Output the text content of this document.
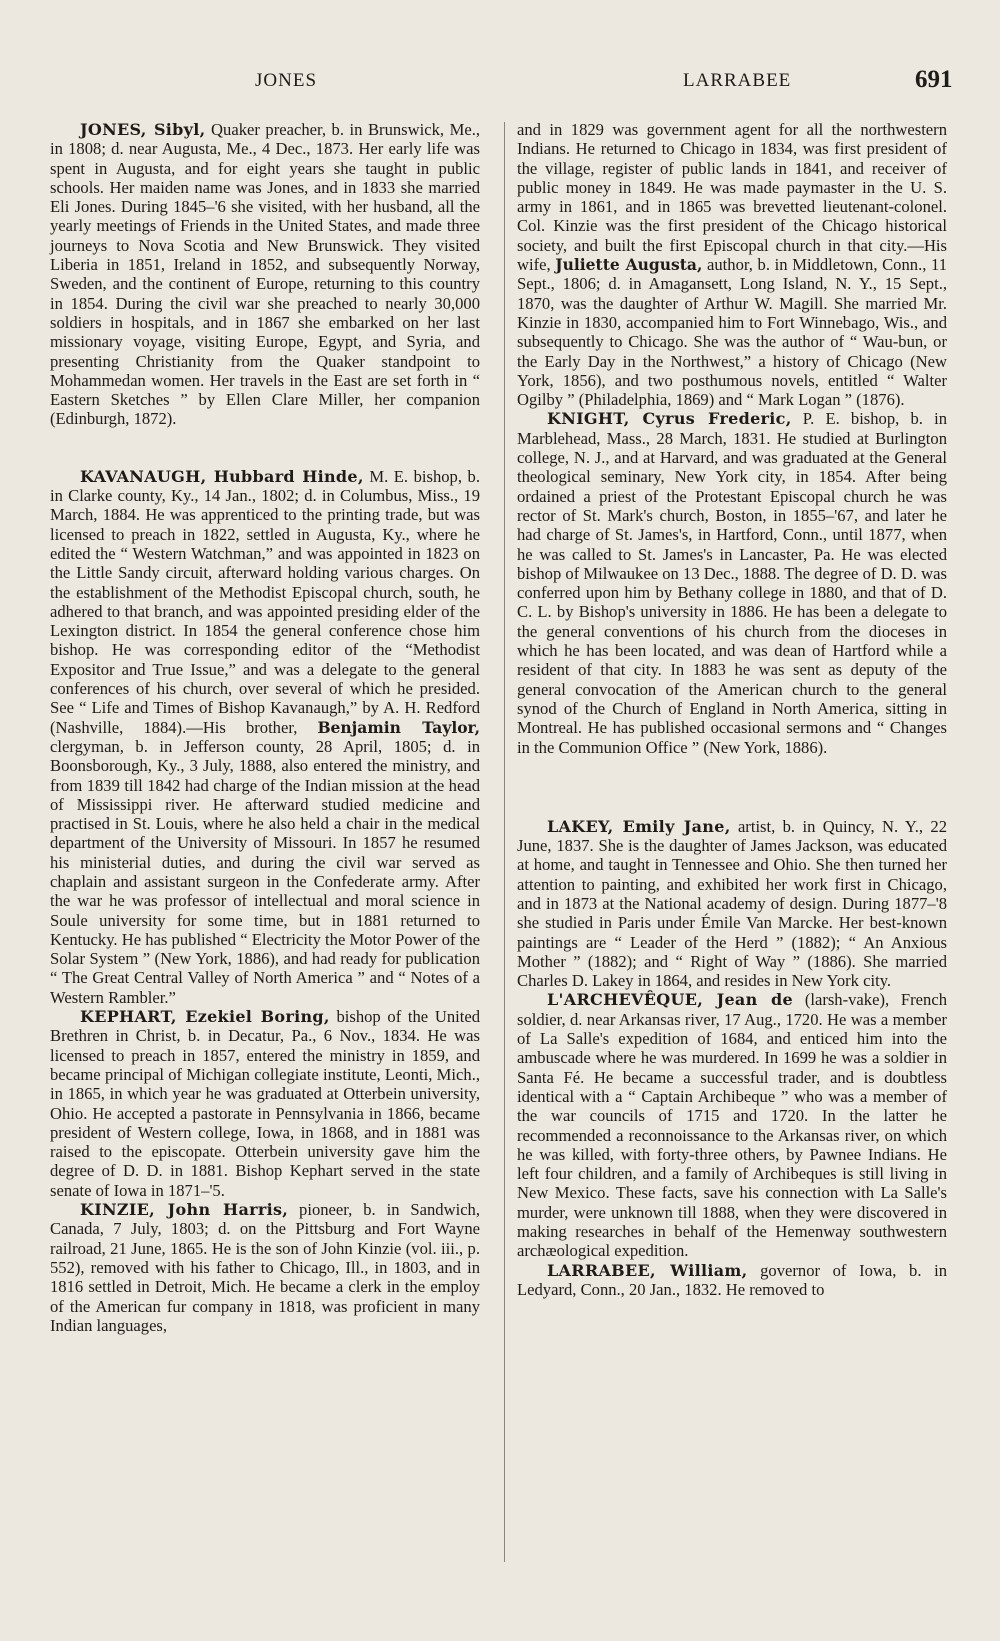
JONES	LARRABEE	691

JONES, Sibyl, Quaker preacher, b. in Brunswick, Me., in 1808; d. near Augusta, Me., 4 Dec., 1873. Her early life was spent in Augusta, and for eight years she taught in public schools. Her maiden name was Jones, and in 1833 she married Eli Jones. During 1845–'6 she visited, with her husband, all the yearly meetings of Friends in the United States, and made three journeys to Nova Scotia and New Brunswick. They visited Liberia in 1851, Ireland in 1852, and subsequently Norway, Sweden, and the continent of Europe, returning to this country in 1854. During the civil war she preached to nearly 30,000 soldiers in hospitals, and in 1867 she embarked on her last missionary voyage, visiting Europe, Egypt, and Syria, and presenting Christianity from the Quaker standpoint to Mohammedan women. Her travels in the East are set forth in “ Eastern Sketches ” by Ellen Clare Miller, her companion (Edinburgh, 1872).

KAVANAUGH, Hubbard Hinde, M. E. bishop, b. in Clarke county, Ky., 14 Jan., 1802; d. in Columbus, Miss., 19 March, 1884. He was apprenticed to the printing trade, but was licensed to preach in 1822, settled in Augusta, Ky., where he edited the “ Western Watchman,” and was appointed in 1823 on the Little Sandy circuit, afterward holding various charges. On the establishment of the Methodist Episcopal church, south, he adhered to that branch, and was appointed presiding elder of the Lexington district. In 1854 the general conference chose him bishop. He was corresponding editor of the “Methodist Expositor and True Issue,” and was a delegate to the general conferences of his church, over several of which he presided. See “ Life and Times of Bishop Kavanaugh,” by A. H. Redford (Nashville, 1884).—His brother, Benjamin Taylor, clergyman, b. in Jefferson county, 28 April, 1805; d. in Boonsborough, Ky., 3 July, 1888, also entered the ministry, and from 1839 till 1842 had charge of the Indian mission at the head of Mississippi river. He afterward studied medicine and practised in St. Louis, where he also held a chair in the medical department of the University of Missouri. In 1857 he resumed his ministerial duties, and during the civil war served as chaplain and assistant surgeon in the Confederate army. After the war he was professor of intellectual and moral science in Soule university for some time, but in 1881 returned to Kentucky. He has published “ Electricity the Motor Power of the Solar System ” (New York, 1886), and had ready for publication “ The Great Central Valley of North America ” and “ Notes of a Western Rambler.”

KEPHART, Ezekiel Boring, bishop of the United Brethren in Christ, b. in Decatur, Pa., 6 Nov., 1834. He was licensed to preach in 1857, entered the ministry in 1859, and became principal of Michigan collegiate institute, Leonti, Mich., in 1865, in which year he was graduated at Otterbein university, Ohio. He accepted a pastorate in Pennsylvania in 1866, became president of Western college, Iowa, in 1868, and in 1881 was raised to the episcopate. Otterbein university gave him the degree of D. D. in 1881. Bishop Kephart served in the state senate of Iowa in 1871–'5.

KINZIE, John Harris, pioneer, b. in Sandwich, Canada, 7 July, 1803; d. on the Pittsburg and Fort Wayne railroad, 21 June, 1865. He is the son of John Kinzie (vol. iii., p. 552), removed with his father to Chicago, Ill., in 1803, and in 1816 settled in Detroit, Mich. He became a clerk in the employ of the American fur company in 1818, was proficient in many Indian languages,

and in 1829 was government agent for all the northwestern Indians. He returned to Chicago in 1834, was first president of the village, register of public lands in 1841, and receiver of public money in 1849. He was made paymaster in the U. S. army in 1861, and in 1865 was brevetted lieutenant-colonel. Col. Kinzie was the first president of the Chicago historical society, and built the first Episcopal church in that city.—His wife, Juliette Augusta, author, b. in Middletown, Conn., 11 Sept., 1806; d. in Amagansett, Long Island, N. Y., 15 Sept., 1870, was the daughter of Arthur W. Magill. She married Mr. Kinzie in 1830, accompanied him to Fort Winnebago, Wis., and subsequently to Chicago. She was the author of “ Wau-bun, or the Early Day in the Northwest,” a history of Chicago (New York, 1856), and two posthumous novels, entitled “ Walter Ogilby ” (Philadelphia, 1869) and “ Mark Logan ” (1876).

KNIGHT, Cyrus Frederic, P. E. bishop, b. in Marblehead, Mass., 28 March, 1831. He studied at Burlington college, N. J., and at Harvard, and was graduated at the General theological seminary, New York city, in 1854. After being ordained a priest of the Protestant Episcopal church he was rector of St. Mark's church, Boston, in 1855–'67, and later he had charge of St. James's, in Hartford, Conn., until 1877, when he was called to St. James's in Lancaster, Pa. He was elected bishop of Milwaukee on 13 Dec., 1888. The degree of D. D. was conferred upon him by Bethany college in 1880, and that of D. C. L. by Bishop's university in 1886. He has been a delegate to the general conventions of his church from the dioceses in which he has been located, and was dean of Hartford while a resident of that city. In 1883 he was sent as deputy of the general convocation of the American church to the general synod of the Church of England in North America, sitting in Montreal. He has published occasional sermons and “ Changes in the Communion Office ” (New York, 1886).

LAKEY, Emily Jane, artist, b. in Quincy, N. Y., 22 June, 1837. She is the daughter of James Jackson, was educated at home, and taught in Tennessee and Ohio. She then turned her attention to painting, and exhibited her work first in Chicago, and in 1873 at the National academy of design. During 1877–'8 she studied in Paris under Émile Van Marcke. Her best-known paintings are “ Leader of the Herd ” (1882); “ An Anxious Mother ” (1882); and “ Right of Way ” (1886). She married Charles D. Lakey in 1864, and resides in New York city.

L'ARCHEVÊQUE, Jean de (larsh-vake), French soldier, d. near Arkansas river, 17 Aug., 1720. He was a member of La Salle's expedition of 1684, and enticed him into the ambuscade where he was murdered. In 1699 he was a soldier in Santa Fé. He became a successful trader, and is doubtless identical with a “ Captain Archibeque ” who was a member of the war councils of 1715 and 1720. In the latter he recommended a reconnoissance to the Arkansas river, on which he was killed, with forty-three others, by Pawnee Indians. He left four children, and a family of Archibeques is still living in New Mexico. These facts, save his connection with La Salle's murder, were unknown till 1888, when they were discovered in making researches in behalf of the Hemenway southwestern archæological expedition.

LARRABEE, William, governor of Iowa, b. in Ledyard, Conn., 20 Jan., 1832. He removed to
